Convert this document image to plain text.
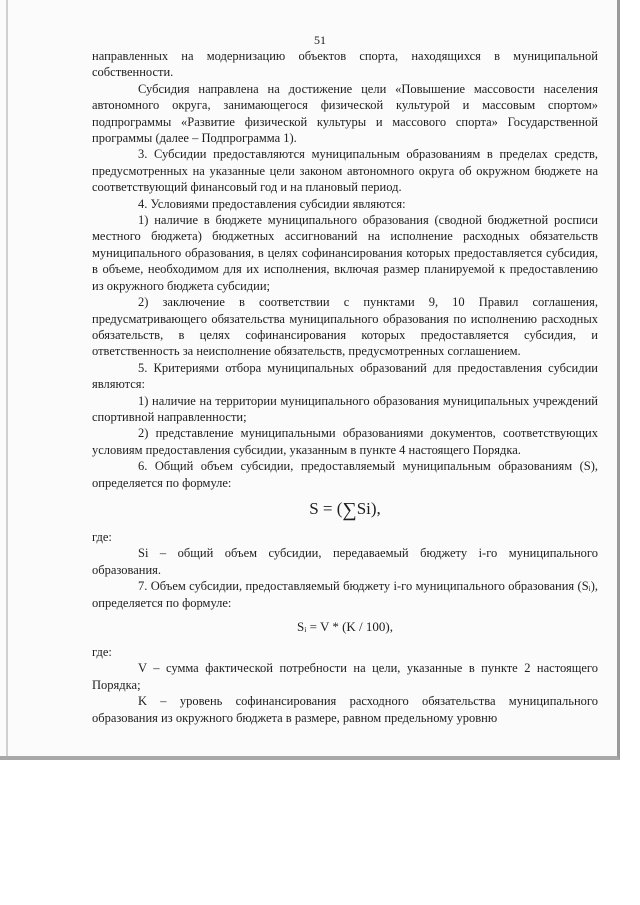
51

направленных на модернизацию объектов спорта, находящихся в муниципальной собственности.

Субсидия направлена на достижение цели «Повышение массовости населения автономного округа, занимающегося физической культурой и массовым спортом» подпрограммы «Развитие физической культуры и массового спорта» Государственной программы (далее – Подпрограмма 1).

3. Субсидии предоставляются муниципальным образованиям в пределах средств, предусмотренных на указанные цели законом автономного округа об окружном бюджете на соответствующий финансовый год и на плановый период.

4. Условиями предоставления субсидии являются:

1) наличие в бюджете муниципального образования (сводной бюджетной росписи местного бюджета) бюджетных ассигнований на исполнение расходных обязательств муниципального образования, в целях софинансирования которых предоставляется субсидия, в объеме, необходимом для их исполнения, включая размер планируемой к предоставлению из окружного бюджета субсидии;

2) заключение в соответствии с пунктами 9, 10 Правил соглашения, предусматривающего обязательства муниципального образования по исполнению расходных обязательств, в целях софинансирования которых предоставляется субсидия, и ответственность за неисполнение обязательств, предусмотренных соглашением.

5. Критериями отбора муниципальных образований для предоставления субсидии являются:

1) наличие на территории муниципального образования муниципальных учреждений спортивной направленности;

2) представление муниципальными образованиями документов, соответствующих условиям предоставления субсидии, указанным в пункте 4 настоящего Порядка.

6. Общий объем субсидии, предоставляемый муниципальным образованиям (S), определяется по формуле:

S = (∑Si),

где:

Si – общий объем субсидии, передаваемый бюджету i-го муниципального образования.

7. Объем субсидии, предоставляемый бюджету i-го муниципального образования (Sᵢ), определяется по формуле:

Sᵢ = V * (K / 100),

где:

V – сумма фактической потребности на цели, указанные в пункте 2 настоящего Порядка;

K – уровень софинансирования расходного обязательства муниципального образования из окружного бюджета в размере, равном предельному уровню
